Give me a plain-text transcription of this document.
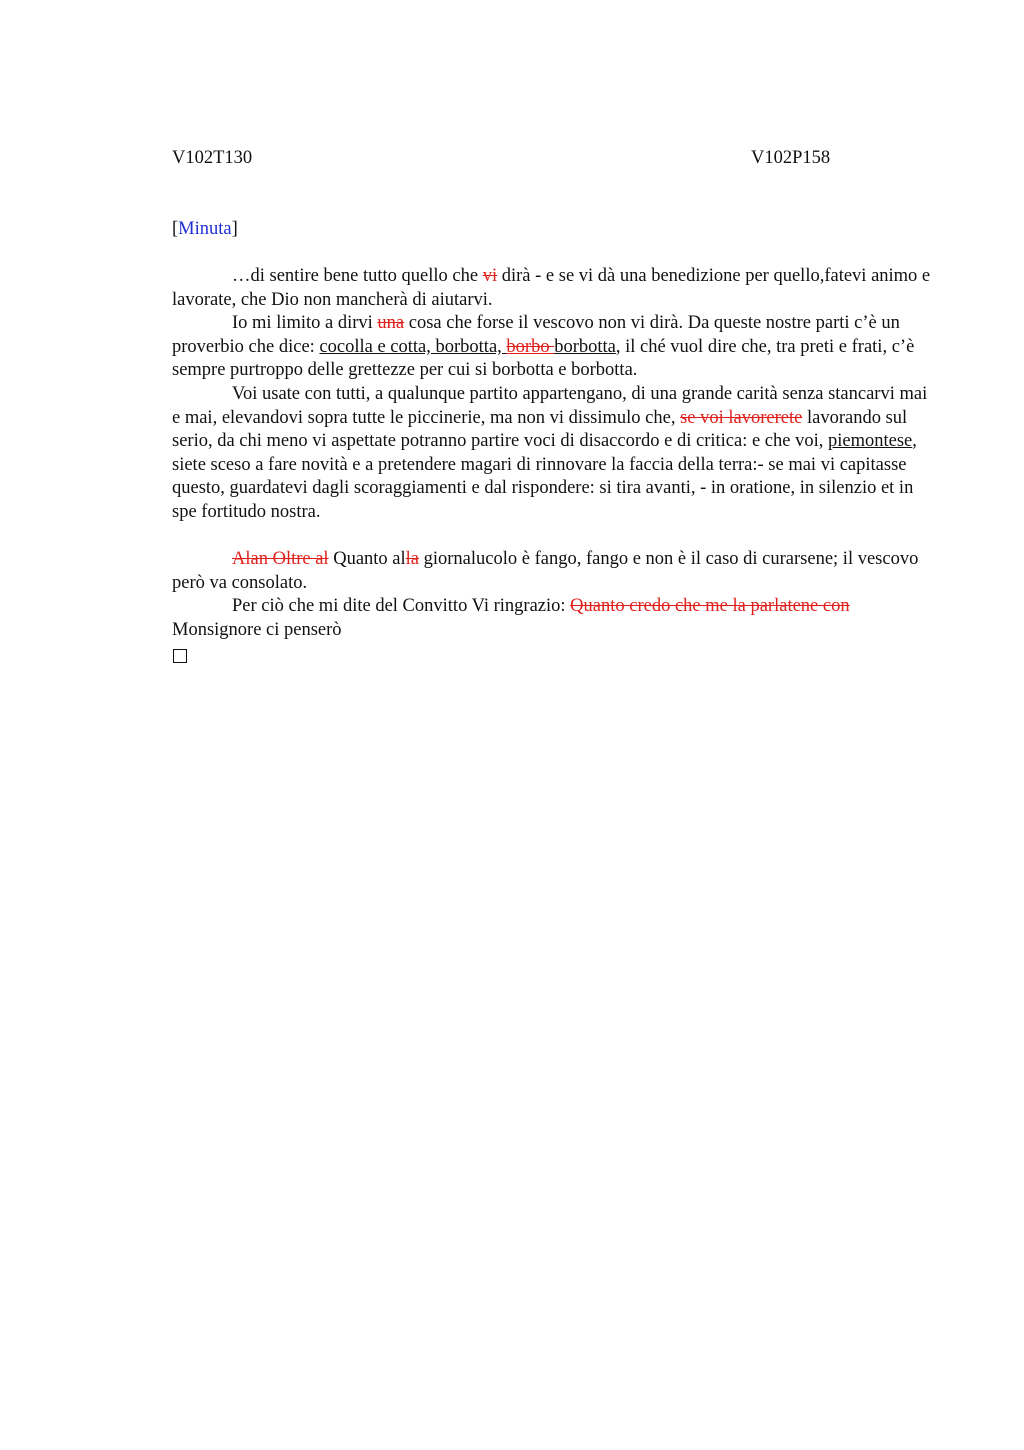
V102T130	V102P158
[Minuta]

…di sentire bene tutto quello che vi dirà - e se vi dà una benedizione per quello,fatevi animo e lavorate, che Dio non mancherà di aiutarvi.

Io mi limito a dirvi una cosa che forse il vescovo non vi dirà. Da queste nostre parti c’è un proverbio che dice: cocolla e cotta, borbotta, borbo borbotta, il ché vuol dire che, tra preti e frati, c’è sempre purtroppo delle grettezze per cui si borbotta e borbotta.

Voi usate con tutti, a qualunque partito appartengano, di una grande carità senza stancarvi mai e mai, elevandovi sopra tutte le piccinerie, ma non vi dissimulo che, se voi lavorerete lavorando sul serio, da chi meno vi aspettate potranno partire voci di disaccordo e di critica: e che voi, piemontese, siete sceso a fare novità e a pretendere magari di rinnovare la faccia della terra:- se mai vi capitasse questo, guardatevi dagli scoraggiamenti e dal rispondere: si tira avanti, - in oratione, in silenzio et in spe fortitudo nostra.

Alan Oltre al Quanto alla giornalucolo è fango, fango e non è il caso di curarsene; il vescovo però va consolato.

Per ciò che mi dite del Convitto Vi ringrazio: Quanto credo che me la parlatene con Monsignore ci penserò
